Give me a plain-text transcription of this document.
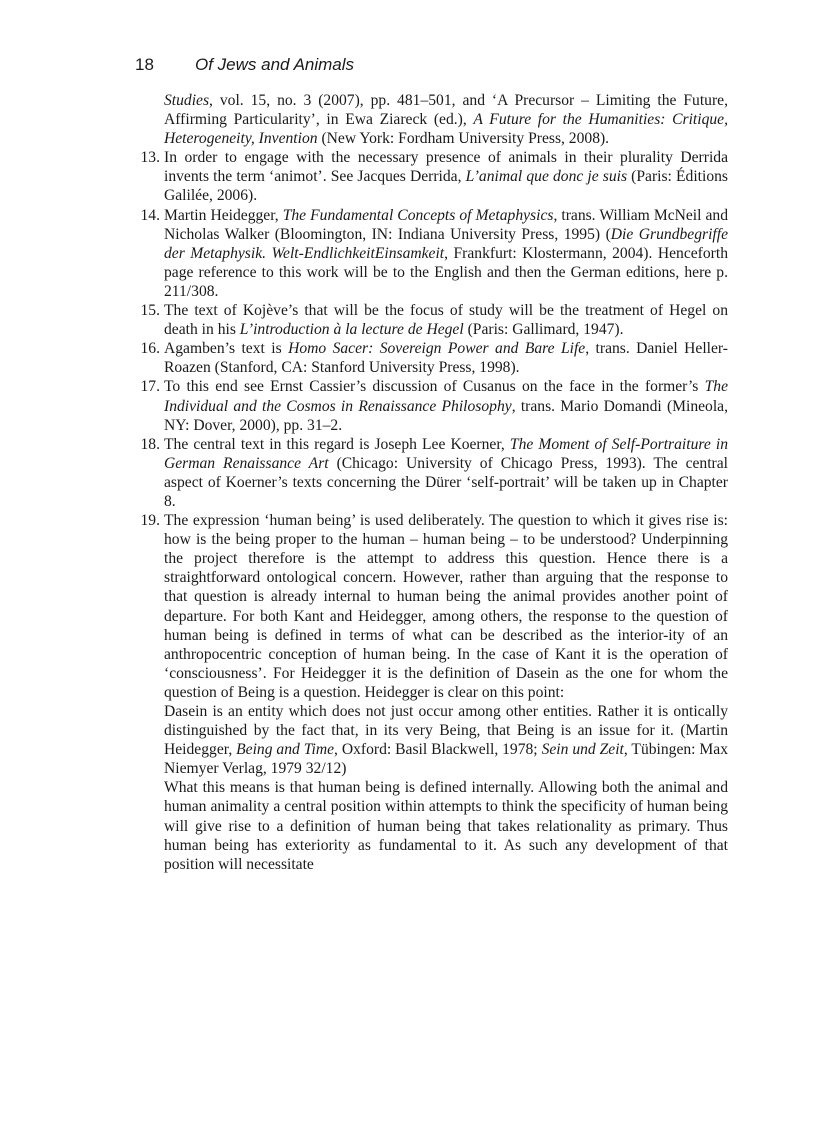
18 Of Jews and Animals

Studies, vol. 15, no. 3 (2007), pp. 481–501, and ‘A Precursor – Limiting the Future, Affirming Particularity’, in Ewa Ziareck (ed.), A Future for the Humanities: Critique, Heterogeneity, Invention (New York: Fordham University Press, 2008).

13. In order to engage with the necessary presence of animals in their plurality Derrida invents the term ‘animot’. See Jacques Derrida, L’animal que donc je suis (Paris: Éditions Galilée, 2006).

14. Martin Heidegger, The Fundamental Concepts of Metaphysics, trans. William McNeil and Nicholas Walker (Bloomington, IN: Indiana University Press, 1995) (Die Grundbegriffe der Metaphysik. Welt-EndlichkeitEinsamkeit, Frankfurt: Klostermann, 2004). Henceforth page reference to this work will be to the English and then the German editions, here p. 211/308.

15. The text of Kojève’s that will be the focus of study will be the treatment of Hegel on death in his L’introduction à la lecture de Hegel (Paris: Gallimard, 1947).

16. Agamben’s text is Homo Sacer: Sovereign Power and Bare Life, trans. Daniel Heller-Roazen (Stanford, CA: Stanford University Press, 1998).

17. To this end see Ernst Cassier’s discussion of Cusanus on the face in the former’s The Individual and the Cosmos in Renaissance Philosophy, trans. Mario Domandi (Mineola, NY: Dover, 2000), pp. 31–2.

18. The central text in this regard is Joseph Lee Koerner, The Moment of Self-Portraiture in German Renaissance Art (Chicago: University of Chicago Press, 1993). The central aspect of Koerner’s texts concerning the Dürer ‘self-portrait’ will be taken up in Chapter 8.

19. The expression ‘human being’ is used deliberately. The question to which it gives rise is: how is the being proper to the human – human being – to be understood? Underpinning the project therefore is the attempt to address this question. Hence there is a straightforward ontological concern. However, rather than arguing that the response to that question is already internal to human being the animal provides another point of departure. For both Kant and Heidegger, among others, the response to the question of human being is defined in terms of what can be described as the interior-ity of an anthropocentric conception of human being. In the case of Kant it is the operation of ‘consciousness’. For Heidegger it is the definition of Dasein as the one for whom the question of Being is a question. Heidegger is clear on this point:

Dasein is an entity which does not just occur among other entities. Rather it is ontically distinguished by the fact that, in its very Being, that Being is an issue for it. (Martin Heidegger, Being and Time, Oxford: Basil Blackwell, 1978; Sein und Zeit, Tübingen: Max Niemyer Verlag, 1979 32/12)

What this means is that human being is defined internally. Allowing both the animal and human animality a central position within attempts to think the specificity of human being will give rise to a definition of human being that takes relationality as primary. Thus human being has exteriority as fundamental to it. As such any development of that position will necessitate
